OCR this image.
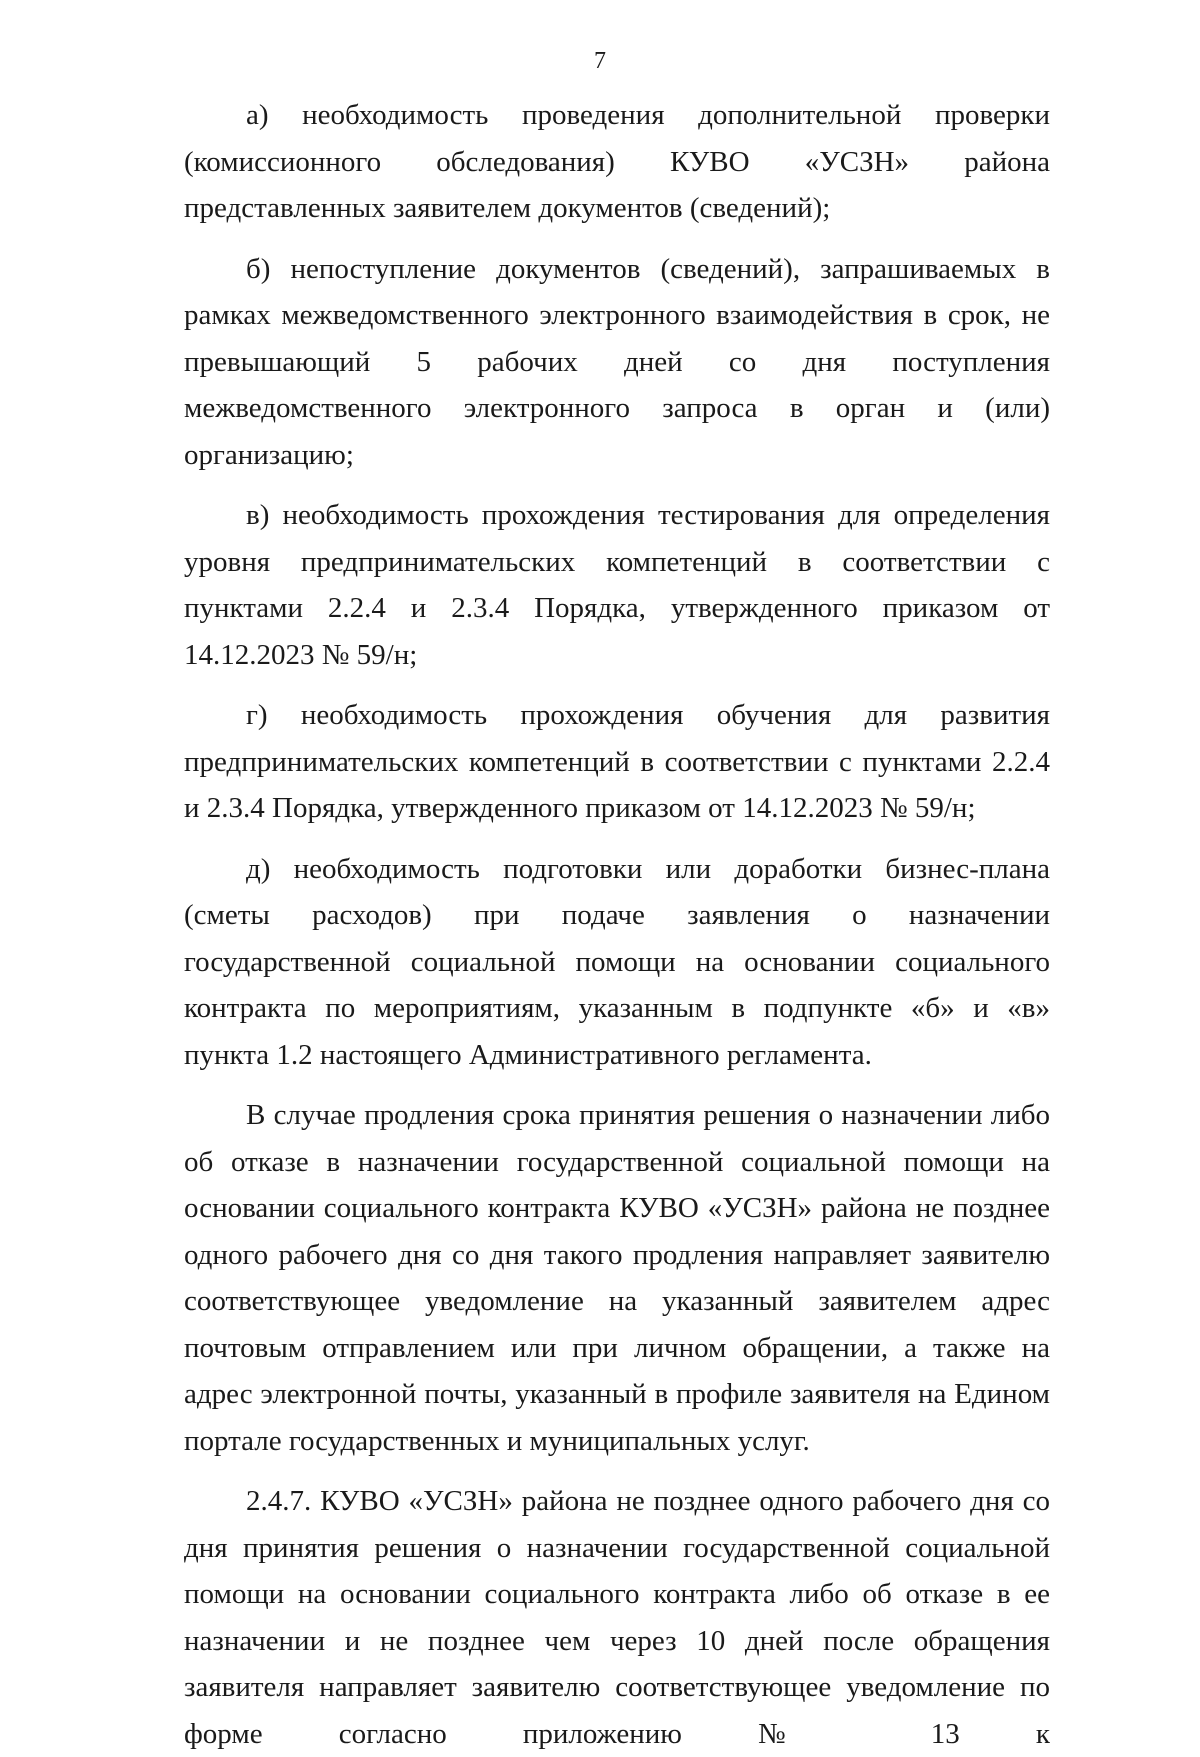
7

а) необходимость проведения дополнительной проверки (комиссионного обследования) КУВО «УСЗН» района представленных заявителем документов (сведений);

б) непоступление документов (сведений), запрашиваемых в рамках межведомственного электронного взаимодействия в срок, не превышающий 5 рабочих дней со дня поступления межведомственного электронного запроса в орган и (или) организацию;

в) необходимость прохождения тестирования для определения уровня предпринимательских компетенций в соответствии с пунктами 2.2.4 и 2.3.4 Порядка, утвержденного приказом от 14.12.2023 № 59/н;

г) необходимость прохождения обучения для развития предпринимательских компетенций в соответствии с пунктами 2.2.4 и 2.3.4 Порядка, утвержденного приказом от 14.12.2023 № 59/н;

д) необходимость подготовки или доработки бизнес-плана (сметы расходов) при подаче заявления о назначении государственной социальной помощи на основании социального контракта по мероприятиям, указанным в подпункте «б» и «в» пункта 1.2 настоящего Административного регламента.

В случае продления срока принятия решения о назначении либо об отказе в назначении государственной социальной помощи на основании социального контракта КУВО «УСЗН» района не позднее одного рабочего дня со дня такого продления направляет заявителю соответствующее уведомление на указанный заявителем адрес почтовым отправлением или при личном обращении, а также на адрес электронной почты, указанный в профиле заявителя на Едином портале государственных и муниципальных услуг.

2.4.7. КУВО «УСЗН» района не позднее одного рабочего дня со дня принятия решения о назначении государственной социальной помощи на основании социального контракта либо об отказе в ее назначении и не позднее чем через 10 дней после обращения заявителя направляет заявителю соответствующее уведомление по форме согласно приложению № 13 к
